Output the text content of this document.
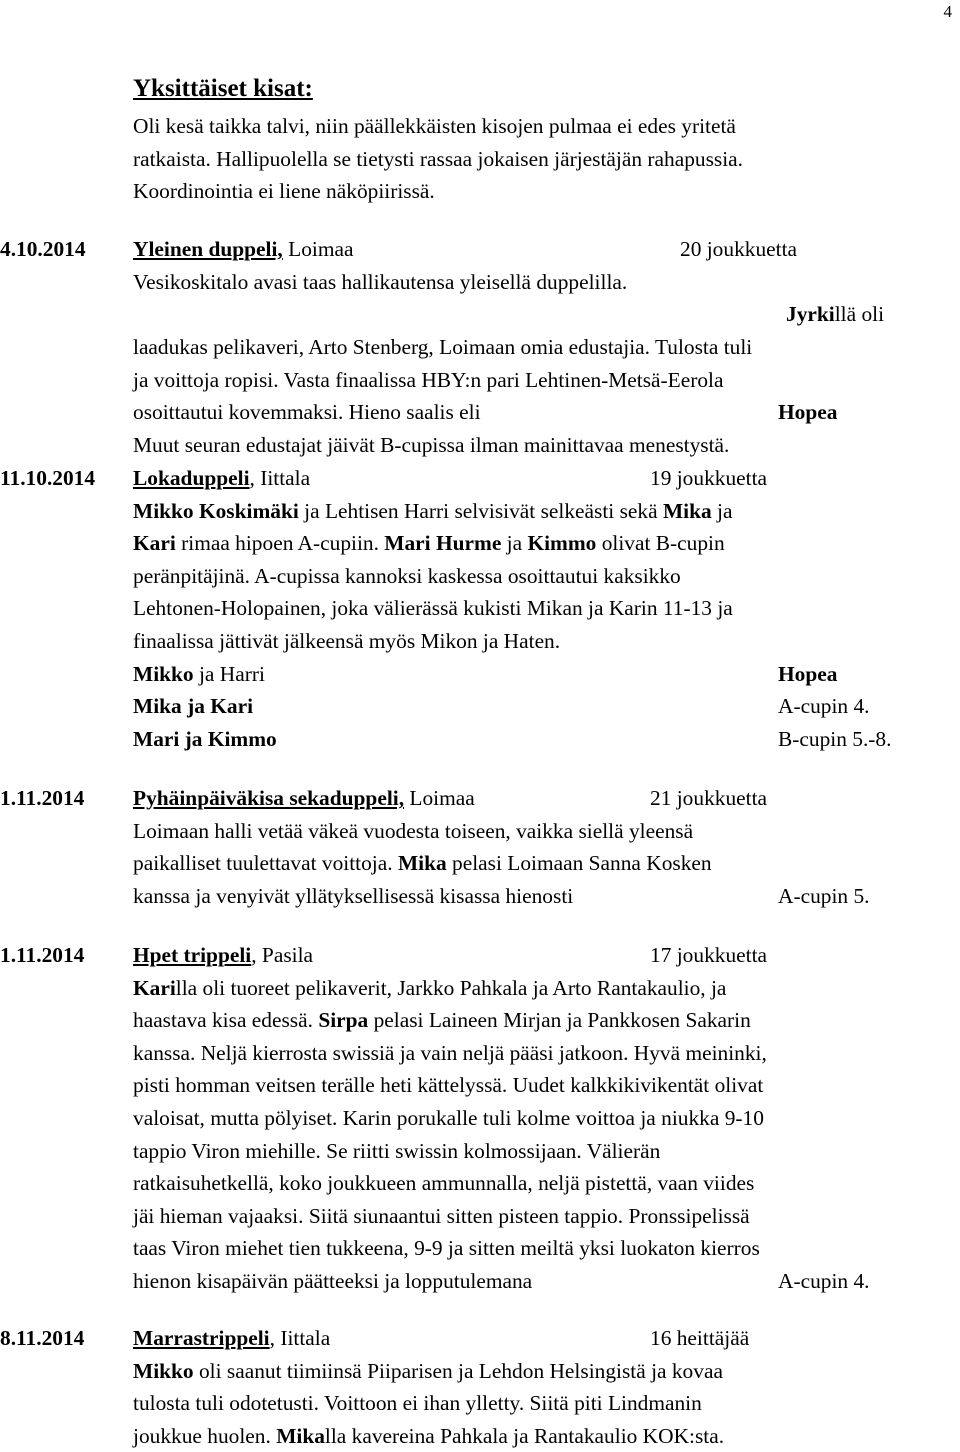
4
Yksittäiset kisat:
Oli kesä taikka talvi, niin päällekkäisten kisojen pulmaa ei edes yritetä
ratkaista. Hallipuolella se tietysti rassaa jokaisen järjestäjän rahapussia.
Koordinointia ei liene näköpiirissä.
4.10.2014 Yleinen duppeli, Loimaa	20 joukkuetta
Vesikoskitalo avasi taas hallikautensa yleisellä duppelilla.
Jyrkillä oli
laadukas pelikaveri, Arto Stenberg, Loimaan omia edustajia. Tulosta tuli
ja voittoja ropisi. Vasta finaalissa HBY:n pari Lehtinen-Metsä-Eerola
osoittautui kovemmaksi. Hieno saalis eli	Hopea
Muut seuran edustajat jäivät B-cupissa ilman mainittavaa menestystä.
11.10.2014 Lokaduppeli, Iittala	19 joukkuetta
Mikko Koskimäki ja Lehtisen Harri selvisivät selkeästi sekä Mika ja
Kari rimaa hipoen A-cupiin. Mari Hurme ja Kimmo olivat B-cupin
peränpitäjinä. A-cupissa kannoksi kaskessa osoittautui kaksikko
Lehtonen-Holopainen, joka välierässä kukisti Mikan ja Karin 11-13 ja
finaalissa jättivät jälkeensä myös Mikon ja Haten.
Mikko ja Harri	Hopea
Mika ja Kari	A-cupin 4.
Mari ja Kimmo	B-cupin 5.-8.
1.11.2014 Pyhäinpäiväkisa sekaduppeli, Loimaa	21 joukkuetta
Loimaan halli vetää väkeä vuodesta toiseen, vaikka siellä yleensä
paikalliset tuulettavat voittoja. Mika pelasi Loimaan Sanna Kosken
kanssa ja venyivät yllätyksellisessä kisassa hienosti	A-cupin 5.
1.11.2014 Hpet trippeli, Pasila	17 joukkuetta
Karilla oli tuoreet pelikaverit, Jarkko Pahkala ja Arto Rantakaulio, ja
haastava kisa edessä. Sirpa pelasi Laineen Mirjan ja Pankkosen Sakarin
kanssa. Neljä kierrosta swissiä ja vain neljä pääsi jatkoon. Hyvä meininki,
pisti homman veitsen terälle heti kättelyssä. Uudet kalkkikivikentät olivat
valoisat, mutta pölyiset. Karin porukalle tuli kolme voittoa ja niukka 9-10
tappio Viron miehille. Se riitti swissin kolmossijaan. Välierän
ratkaisuhetkellä, koko joukkueen ammunnalla, neljä pistettä, vaan viides
jäi hieman vajaaksi. Siitä siunaantui sitten pisteen tappio. Pronssipelissä
taas Viron miehet tien tukkeena, 9-9 ja sitten meiltä yksi luokaton kierros
hienon kisapäivän päätteeksi ja lopputulemana	A-cupin 4.
8.11.2014 Marrastrippeli, Iittala	16 heittäjää
Mikko oli saanut tiimiinsä Piiparisen ja Lehdon Helsingistä ja kovaa
tulosta tuli odotetusti. Voittoon ei ihan ylletty. Siitä piti Lindmanin
joukkue huolen. Mikalla kavereina Pahkala ja Rantakaulio KOK:sta.
